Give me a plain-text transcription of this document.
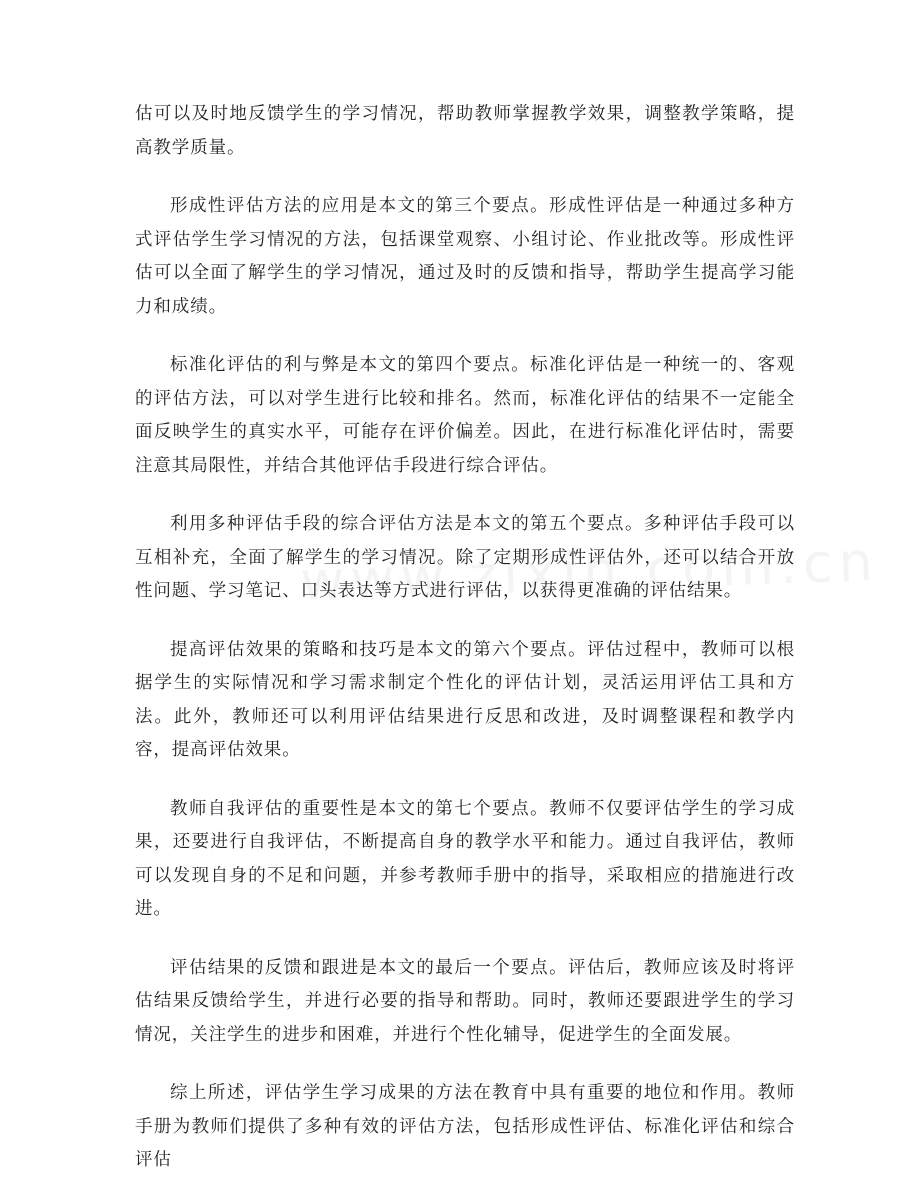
估可以及时地反馈学生的学习情况，帮助教师掌握教学效果，调整教学策略，提高教学质量。

形成性评估方法的应用是本文的第三个要点。形成性评估是一种通过多种方式评估学生学习情况的方法，包括课堂观察、小组讨论、作业批改等。形成性评估可以全面了解学生的学习情况，通过及时的反馈和指导，帮助学生提高学习能力和成绩。

标准化评估的利与弊是本文的第四个要点。标准化评估是一种统一的、客观的评估方法，可以对学生进行比较和排名。然而，标准化评估的结果不一定能全面反映学生的真实水平，可能存在评价偏差。因此，在进行标准化评估时，需要注意其局限性，并结合其他评估手段进行综合评估。

利用多种评估手段的综合评估方法是本文的第五个要点。多种评估手段可以互相补充，全面了解学生的学习情况。除了定期形成性评估外，还可以结合开放性问题、学习笔记、口头表达等方式进行评估，以获得更准确的评估结果。

提高评估效果的策略和技巧是本文的第六个要点。评估过程中，教师可以根据学生的实际情况和学习需求制定个性化的评估计划，灵活运用评估工具和方法。此外，教师还可以利用评估结果进行反思和改进，及时调整课程和教学内容，提高评估效果。

教师自我评估的重要性是本文的第七个要点。教师不仅要评估学生的学习成果，还要进行自我评估，不断提高自身的教学水平和能力。通过自我评估，教师可以发现自身的不足和问题，并参考教师手册中的指导，采取相应的措施进行改进。

评估结果的反馈和跟进是本文的最后一个要点。评估后，教师应该及时将评估结果反馈给学生，并进行必要的指导和帮助。同时，教师还要跟进学生的学习情况，关注学生的进步和困难，并进行个性化辅导，促进学生的全面发展。

综上所述，评估学生学习成果的方法在教育中具有重要的地位和作用。教师手册为教师们提供了多种有效的评估方法，包括形成性评估、标准化评估和综合评估
